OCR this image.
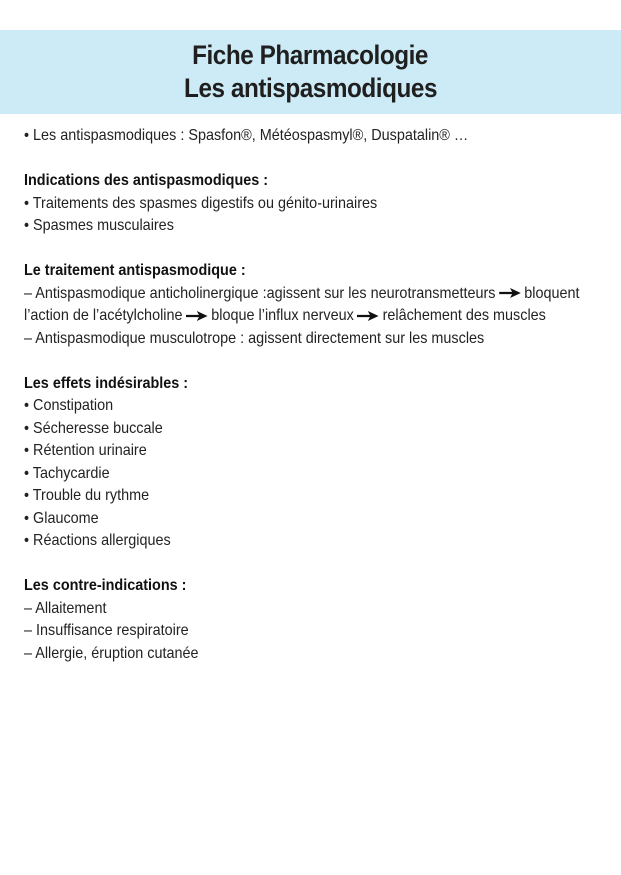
Fiche Pharmacologie
Les antispasmodiques
• Les antispasmodiques : Spasfon®, Météospasmyl®, Duspatalin® …
Indications des antispasmodiques :
• Traitements des spasmes digestifs ou génito-urinaires
• Spasmes musculaires
Le traitement antispasmodique :
– Antispasmodique anticholinergique :agissent sur les neurotransmetteurs bloquent
l’action de l’acétylcholine bloque l’influx nerveux relâchement des muscles
– Antispasmodique musculotrope : agissent directement sur les muscles
Les effets indésirables :
• Constipation
• Sécheresse buccale
• Rétention urinaire
• Tachycardie
• Trouble du rythme
• Glaucome
• Réactions allergiques
Les contre-indications :
– Allaitement
– Insuffisance respiratoire
– Allergie, éruption cutanée
